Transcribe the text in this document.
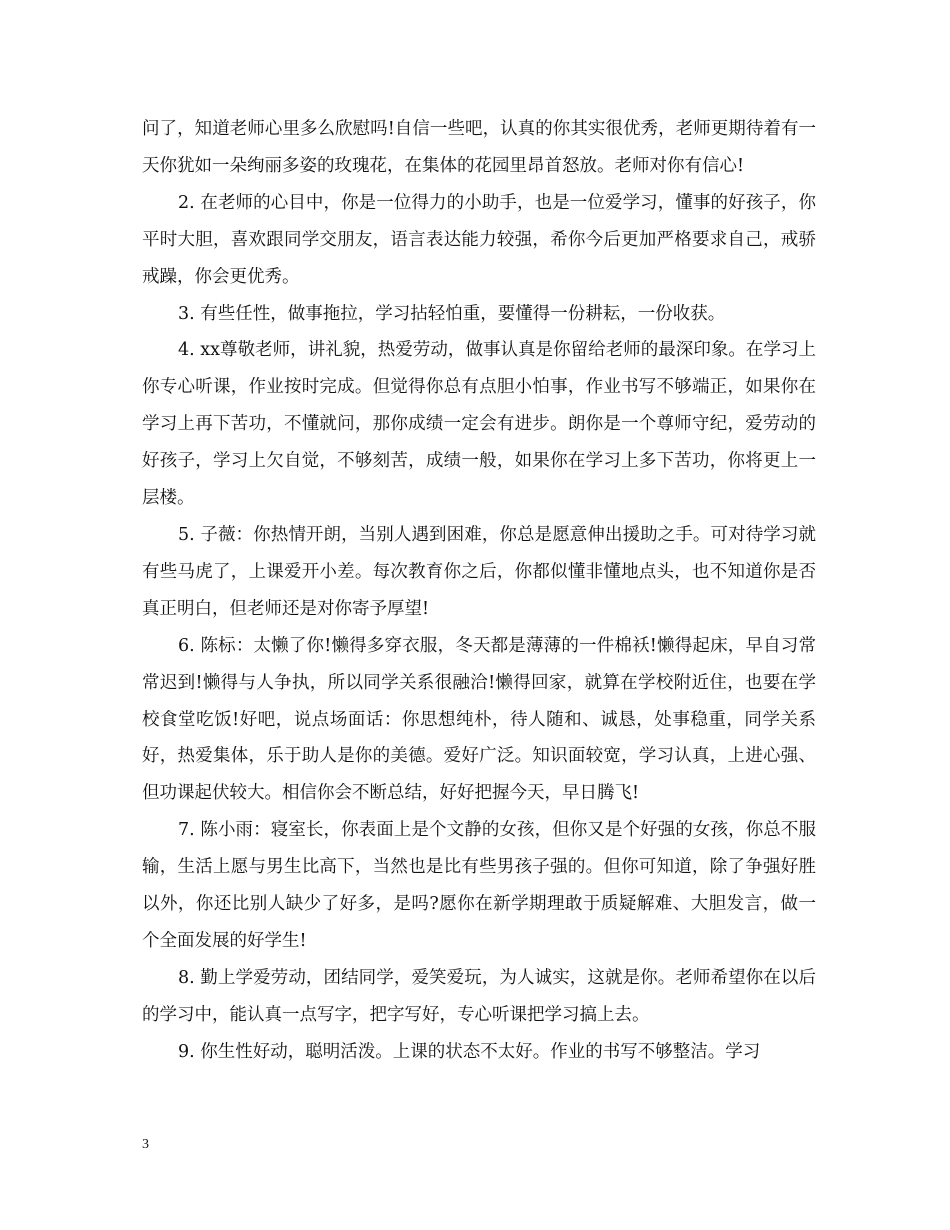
问了，知道老师心里多么欣慰吗!自信一些吧，认真的你其实很优秀，老师更期待着有一天你犹如一朵绚丽多姿的玫瑰花，在集体的花园里昂首怒放。老师对你有信心!

2. 在老师的心目中，你是一位得力的小助手，也是一位爱学习，懂事的好孩子，你平时大胆，喜欢跟同学交朋友，语言表达能力较强，希你今后更加严格要求自己，戒骄戒躁，你会更优秀。

3. 有些任性，做事拖拉，学习拈轻怕重，要懂得一份耕耘，一份收获。

4. xx尊敬老师，讲礼貌，热爱劳动，做事认真是你留给老师的最深印象。在学习上你专心听课，作业按时完成。但觉得你总有点胆小怕事，作业书写不够端正，如果你在学习上再下苦功，不懂就问，那你成绩一定会有进步。朗你是一个尊师守纪，爱劳动的好孩子，学习上欠自觉，不够刻苦，成绩一般，如果你在学习上多下苦功，你将更上一层楼。

5. 子薇：你热情开朗，当别人遇到困难，你总是愿意伸出援助之手。可对待学习就有些马虎了，上课爱开小差。每次教育你之后，你都似懂非懂地点头，也不知道你是否真正明白，但老师还是对你寄予厚望!

6. 陈标：太懒了你!懒得多穿衣服，冬天都是薄薄的一件棉袄!懒得起床，早自习常常迟到!懒得与人争执，所以同学关系很融洽!懒得回家，就算在学校附近住，也要在学校食堂吃饭!好吧，说点场面话：你思想纯朴，待人随和、诚恳，处事稳重，同学关系好，热爱集体，乐于助人是你的美德。爱好广泛。知识面较宽，学习认真，上进心强、但功课起伏较大。相信你会不断总结，好好把握今天，早日腾飞!

7. 陈小雨：寝室长，你表面上是个文静的女孩，但你又是个好强的女孩，你总不服输，生活上愿与男生比高下，当然也是比有些男孩子强的。但你可知道，除了争强好胜以外，你还比别人缺少了好多，是吗?愿你在新学期理敢于质疑解难、大胆发言，做一个全面发展的好学生!

8. 勤上学爱劳动，团结同学，爱笑爱玩，为人诚实，这就是你。老师希望你在以后的学习中，能认真一点写字，把字写好，专心听课把学习搞上去。

9. 你生性好动，聪明活泼。上课的状态不太好。作业的书写不够整洁。学习

3
